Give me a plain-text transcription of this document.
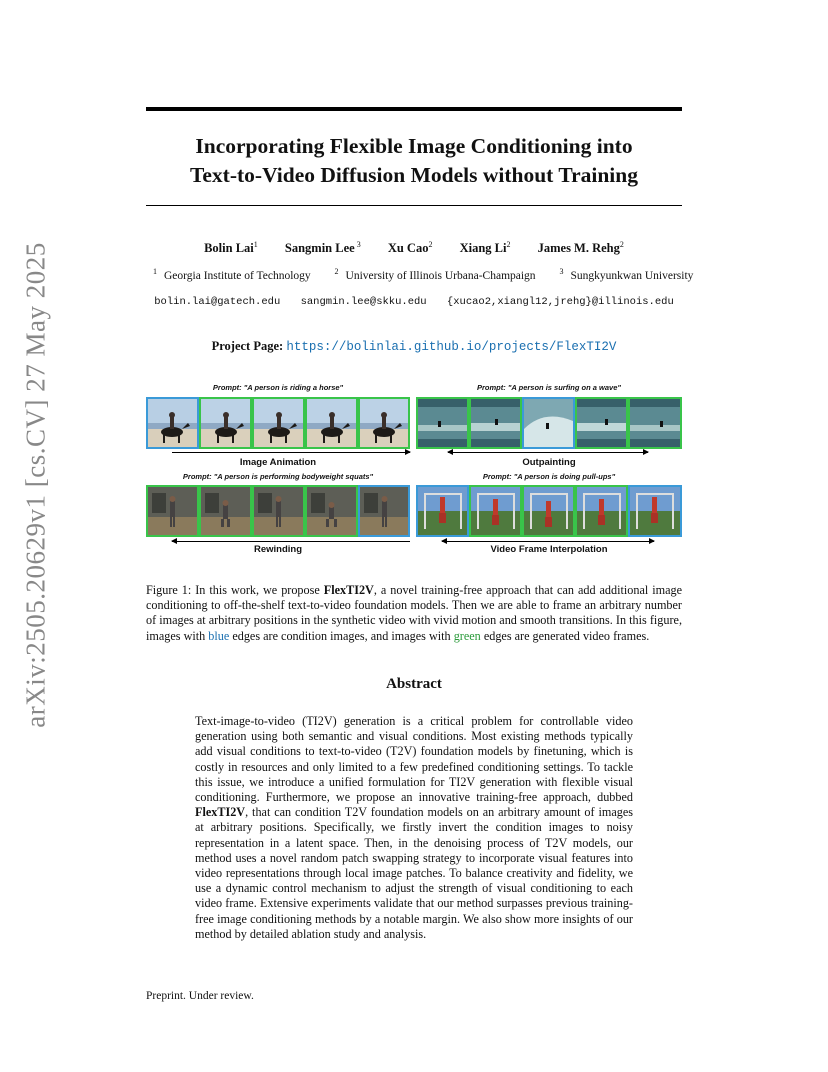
arXiv:2505.20629v1 [cs.CV] 27 May 2025
Incorporating Flexible Image Conditioning into
Text-to-Video Diffusion Models without Training
Bolin Lai$^1$ Sangmin Lee $^3$ Xu Cao$^2$ Xiang Li$^2$ James M. Rehg$^2$
$^1$ Georgia Institute of Technology	$^2$ University of Illinois Urbana-Champaign	$^3$ Sungkyunkwan University
bolin.lai@gatech.edu sangmin.lee@skku.edu {xucao2,xiangl12,jrehg}@illinois.edu
Project Page: https://bolinlai.github.io/projects/FlexTI2V
Prompt: "A person is riding a horse"
Image Animation
Prompt: "A person is surfing on a wave"
Outpainting
Prompt: "A person is performing bodyweight squats"
Rewinding
Prompt: "A person is doing pull-ups"
Video Frame Interpolation
Figure 1: In this work, we propose FlexTI2V, a novel training-free approach that can add additional image conditioning to off-the-shelf text-to-video foundation models. Then we are able to frame an arbitrary number of images at arbitrary positions in the synthetic video with vivid motion and smooth transitions. In this figure, images with blue edges are condition images, and images with green edges are generated video frames.
Abstract
Text-image-to-video (TI2V) generation is a critical problem for controllable video generation using both semantic and visual conditions. Most existing methods typically add visual conditions to text-to-video (T2V) foundation models by finetuning, which is costly in resources and only limited to a few predefined conditioning settings. To tackle this issue, we introduce a unified formulation for TI2V generation with flexible visual conditioning. Furthermore, we propose an innovative training-free approach, dubbed FlexTI2V, that can condition T2V foundation models on an arbitrary amount of images at arbitrary positions. Specifically, we firstly invert the condition images to noisy representation in a latent space. Then, in the denoising process of T2V models, our method uses a novel random patch swapping strategy to incorporate visual features into video representations through local image patches. To balance creativity and fidelity, we use a dynamic control mechanism to adjust the strength of visual conditioning to each video frame. Extensive experiments validate that our method surpasses previous training-free image conditioning methods by a notable margin. We also show more insights of our method by detailed ablation study and analysis.
Preprint. Under review.
